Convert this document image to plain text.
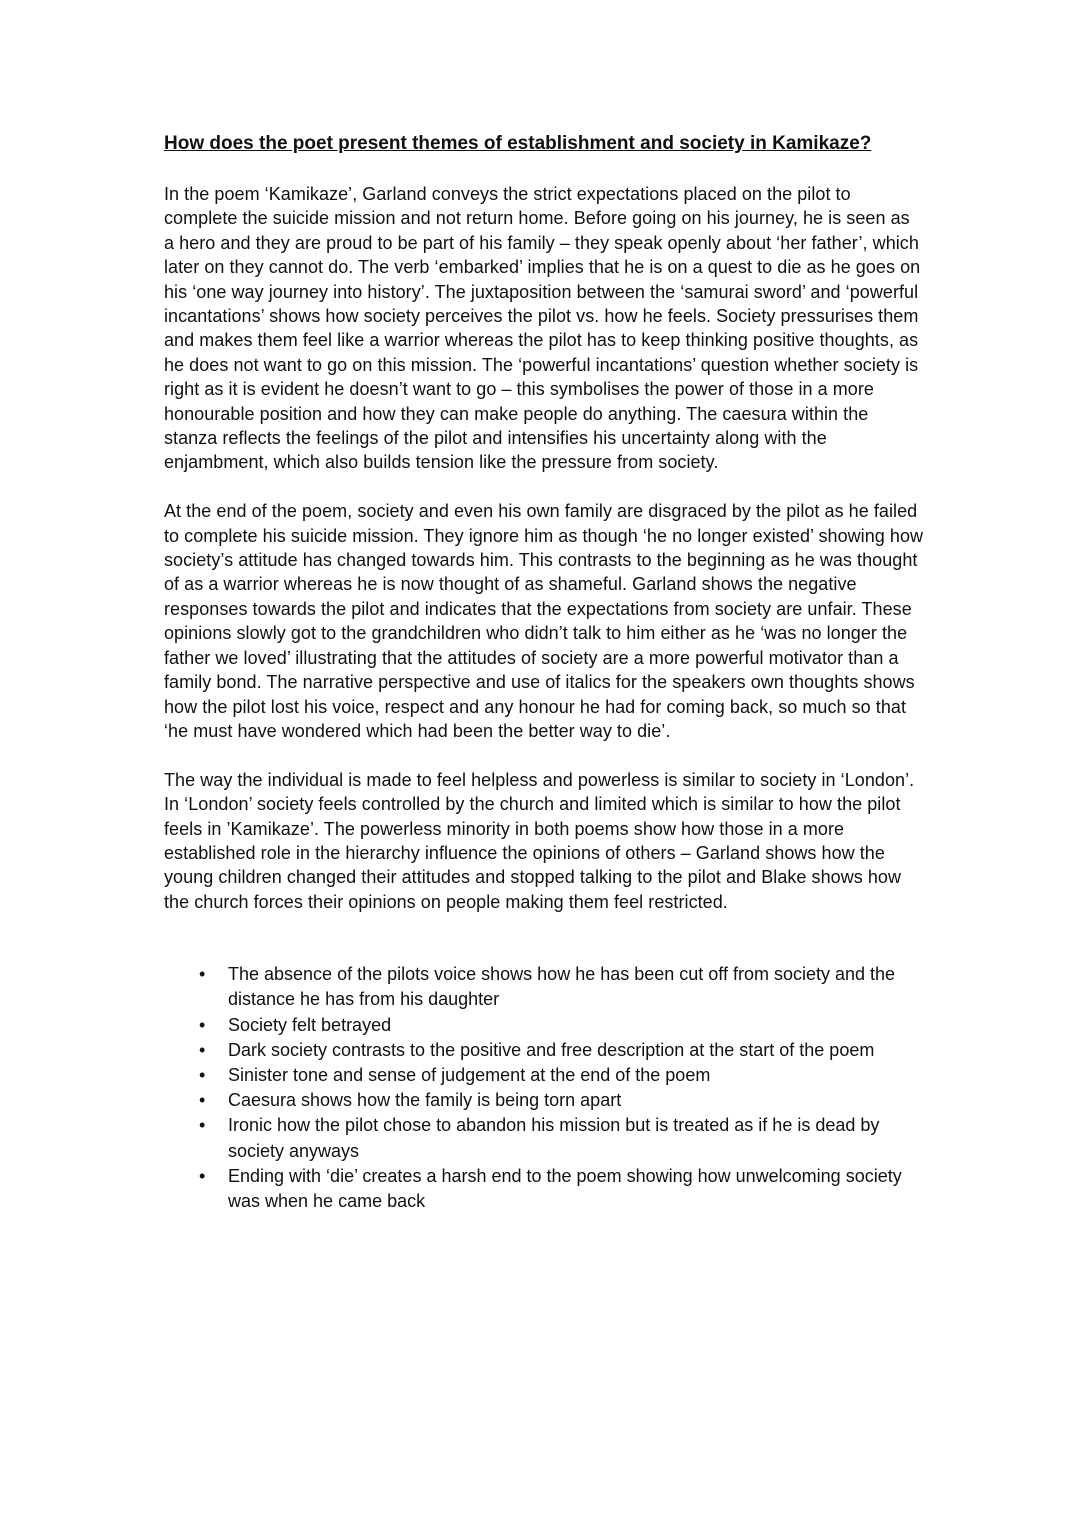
How does the poet present themes of establishment and society in Kamikaze?

In the poem ‘Kamikaze’, Garland conveys the strict expectations placed on the pilot to complete the suicide mission and not return home. Before going on his journey, he is seen as a hero and they are proud to be part of his family – they speak openly about ‘her father’, which later on they cannot do. The verb ‘embarked’ implies that he is on a quest to die as he goes on his ‘one way journey into history’. The juxtaposition between the ‘samurai sword’ and ‘powerful incantations’ shows how society perceives the pilot vs. how he feels. Society pressurises them and makes them feel like a warrior whereas the pilot has to keep thinking positive thoughts, as he does not want to go on this mission. The ‘powerful incantations’ question whether society is right as it is evident he doesn’t want to go – this symbolises the power of those in a more honourable position and how they can make people do anything. The caesura within the stanza reflects the feelings of the pilot and intensifies his uncertainty along with the enjambment, which also builds tension like the pressure from society.

At the end of the poem, society and even his own family are disgraced by the pilot as he failed to complete his suicide mission. They ignore him as though ‘he no longer existed’ showing how society’s attitude has changed towards him. This contrasts to the beginning as he was thought of as a warrior whereas he is now thought of as shameful. Garland shows the negative responses towards the pilot and indicates that the expectations from society are unfair. These opinions slowly got to the grandchildren who didn’t talk to him either as he ‘was no longer the father we loved’ illustrating that the attitudes of society are a more powerful motivator than a family bond. The narrative perspective and use of italics for the speakers own thoughts shows how the pilot lost his voice, respect and any honour he had for coming back, so much so that ‘he must have wondered which had been the better way to die’.

The way the individual is made to feel helpless and powerless is similar to society in ‘London’. In ‘London’ society feels controlled by the church and limited which is similar to how the pilot feels in ’Kamikaze’. The powerless minority in both poems show how those in a more established role in the hierarchy influence the opinions of others – Garland shows how the young children changed their attitudes and stopped talking to the pilot and Blake shows how the church forces their opinions on people making them feel restricted.

• The absence of the pilots voice shows how he has been cut off from society and the distance he has from his daughter
• Society felt betrayed
• Dark society contrasts to the positive and free description at the start of the poem
• Sinister tone and sense of judgement at the end of the poem
• Caesura shows how the family is being torn apart
• Ironic how the pilot chose to abandon his mission but is treated as if he is dead by society anyways
• Ending with ‘die’ creates a harsh end to the poem showing how unwelcoming society was when he came back
